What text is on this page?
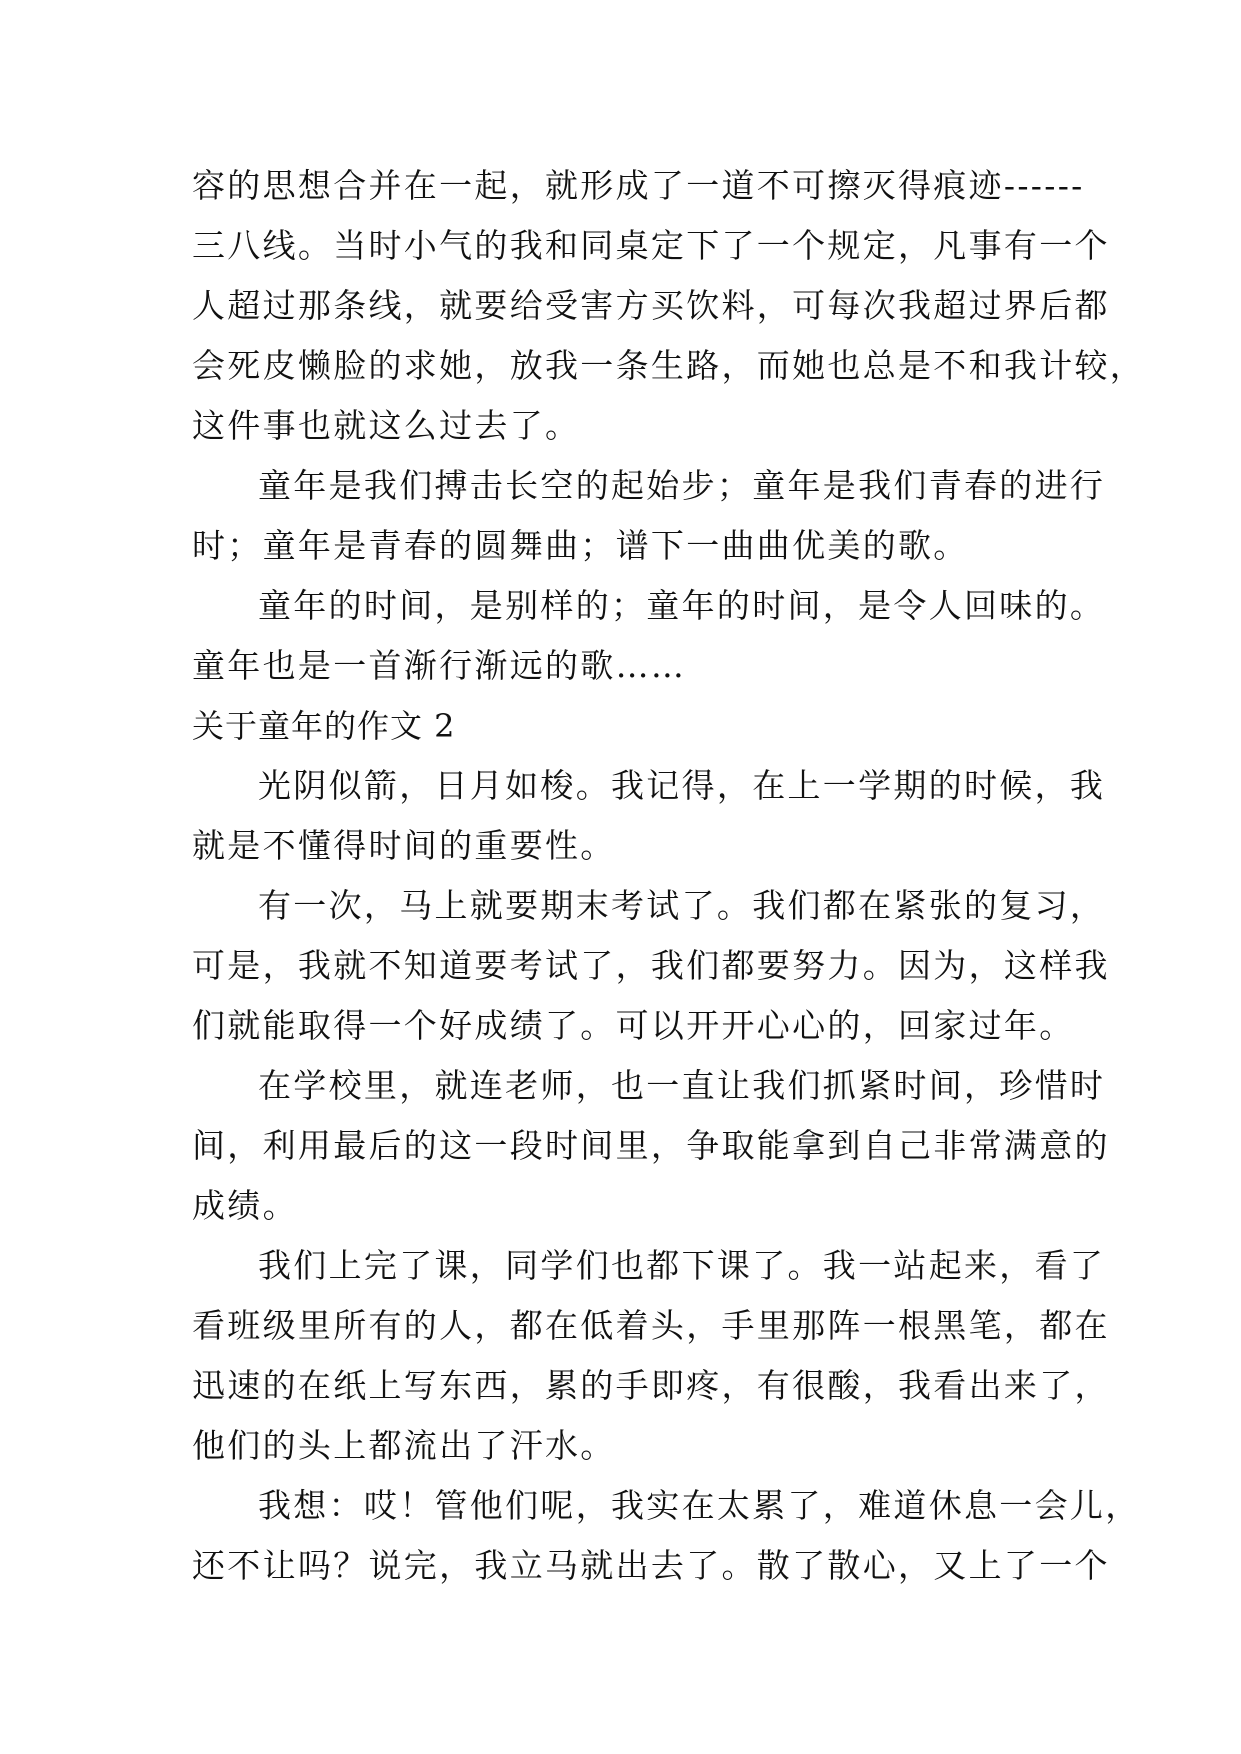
容的思想合并在一起，就形成了一道不可擦灭得痕迹------
三八线。当时小气的我和同桌定下了一个规定，凡事有一个
人超过那条线，就要给受害方买饮料，可每次我超过界后都
会死皮懒脸的求她，放我一条生路，而她也总是不和我计较，
这件事也就这么过去了。
童年是我们搏击长空的起始步；童年是我们青春的进行
时；童年是青春的圆舞曲；谱下一曲曲优美的歌。
童年的时间，是别样的；童年的时间，是令人回味的。
童年也是一首渐行渐远的歌……
关于童年的作文 2
光阴似箭，日月如梭。我记得，在上一学期的时候，我
就是不懂得时间的重要性。
有一次，马上就要期末考试了。我们都在紧张的复习，
可是，我就不知道要考试了，我们都要努力。因为，这样我
们就能取得一个好成绩了。可以开开心心的，回家过年。
在学校里，就连老师，也一直让我们抓紧时间，珍惜时
间，利用最后的这一段时间里，争取能拿到自己非常满意的
成绩。
我们上完了课，同学们也都下课了。我一站起来，看了
看班级里所有的人，都在低着头，手里那阵一根黑笔，都在
迅速的在纸上写东西，累的手即疼，有很酸，我看出来了，
他们的头上都流出了汗水。
我想：哎！管他们呢，我实在太累了，难道休息一会儿，
还不让吗？说完，我立马就出去了。散了散心，又上了一个
